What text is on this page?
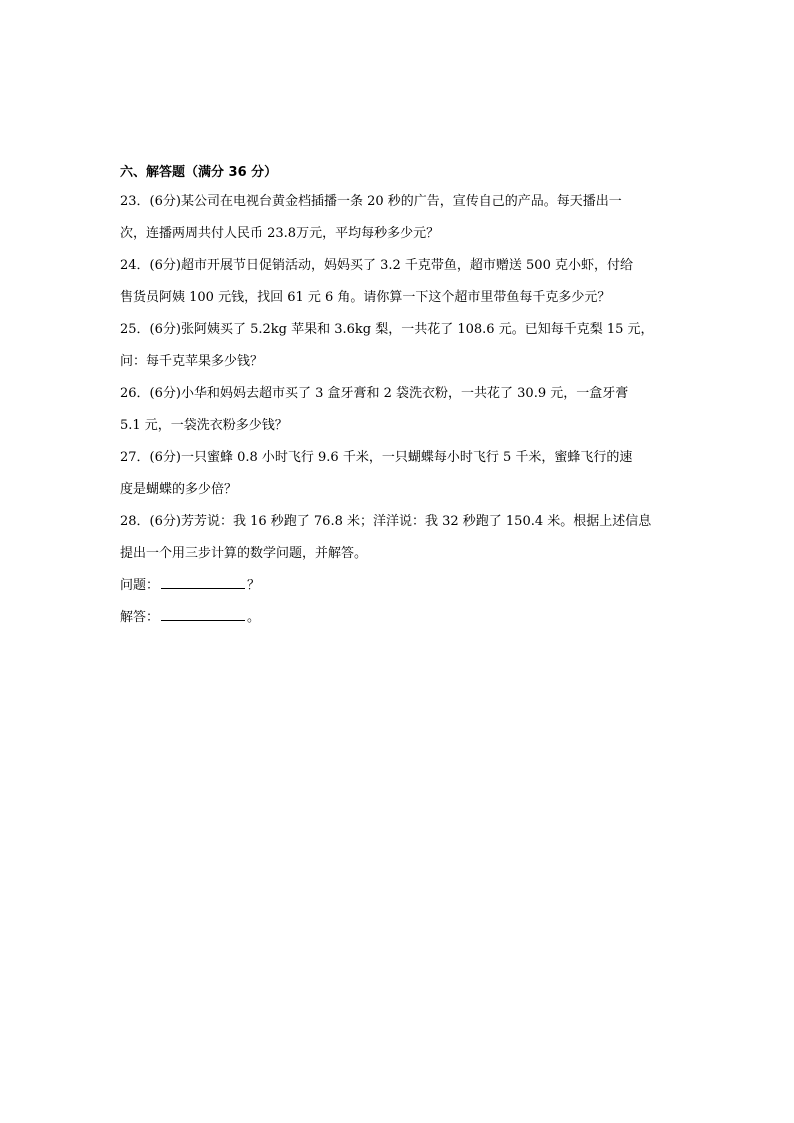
六、解答题（满分 36 分）
23．(6分)某公司在电视台黄金档插播一条 20 秒的广告，宣传自己的产品。每天播出一
次，连播两周共付人民币 23.8万元，平均每秒多少元？
24．(6分)超市开展节日促销活动，妈妈买了 3.2 千克带鱼，超市赠送 500 克小虾，付给
售货员阿姨 100 元钱，找回 61 元 6 角。请你算一下这个超市里带鱼每千克多少元？
25．(6分)张阿姨买了 5.2kg 苹果和 3.6kg 梨，一共花了 108.6 元。已知每千克梨 15 元，
问：每千克苹果多少钱？
26．(6分)小华和妈妈去超市买了 3 盒牙膏和 2 袋洗衣粉，一共花了 30.9 元，一盒牙膏
5.1 元，一袋洗衣粉多少钱？
27．(6分)一只蜜蜂 0.8 小时飞行 9.6 千米，一只蝴蝶每小时飞行 5 千米，蜜蜂飞行的速
度是蝴蝶的多少倍？
28．(6分)芳芳说：我 16 秒跑了 76.8 米；洋洋说：我 32 秒跑了 150.4 米。根据上述信息
提出一个用三步计算的数学问题，并解答。
问题：	？
解答：	。
